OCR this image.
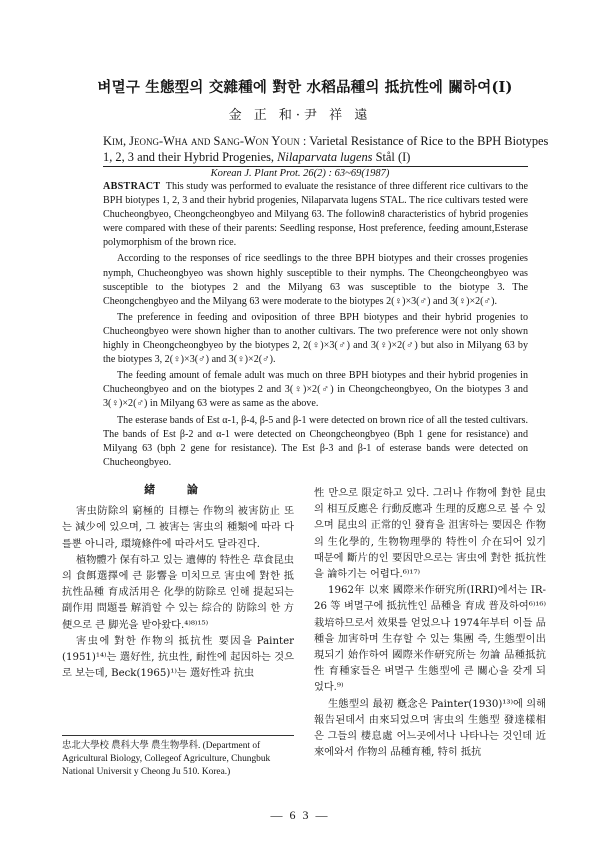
벼멸구 生態型의 交雜種에 對한 水稻品種의 抵抗性에 關하여(I)
金 正 和·尹 祥 遠
Kim, Jeong-Wha and Sang-Won Youn : Varietal Resistance of Rice to the BPH Biotypes 1, 2, 3 and their Hybrid Progenies, Nilaparvata lugens Stål (I)
Korean J. Plant Prot. 26(2) : 63~69(1987)

ABSTRACT This study was performed to evaluate the resistance of three different rice cultivars to the BPH biotypes 1, 2, 3 and their hybrid progenies, Nilaparvata lugens STAL. The rice cultivars tested were Chucheongbyeo, Cheongcheongbyeo and Milyang 63. The followin8 characteristics of hybrid progenies were compared with these of their parents: Seedling response, Host preference, feeding amount,Esterase polymorphism of the brown rice.

According to the responses of rice seedlings to the three BPH biotypes and their crosses progenies nymph, Chucheongbyeo was shown highly susceptible to their nymphs. The Cheongcheongbyeo was susceptible to the biotypes 2 and the Milyang 63 was susceptible to the biotype 3. The Cheongchengbyeo and the Milyang 63 were moderate to the biotypes 2(♀)×3(♂) and 3(♀)×2(♂).

The preference in feeding and oviposition of three BPH biotypes and their hybrid progenies to Chucheongbyeo were shown higher than to another cultivars. The two preference were not only shown highly in Cheongcheongbyeo by the biotypes 2, 2(♀)×3(♂) and 3(♀)×2(♂) but also in Milyang 63 by the biotypes 3, 2(♀)×3(♂) and 3(♀)×2(♂).

The feeding amount of female adult was much on three BPH biotypes and their hybrid progenies in Chucheongbyeo and on the biotypes 2 and 3(♀)×2(♂) in Cheongcheongbyeo, On the biotypes 3 and 3(♀)×2(♂) in Milyang 63 were as same as the above.

The esterase bands of Est α-1, β-4, β-5 and β-1 were detected on brown rice of all the tested cultivars. The bands of Est β-2 and α-1 were detected on Cheongcheongbyeo (Bph 1 gene for resistance) and Milyang 63 (bph 2 gene for resistance). The Est β-3 and β-1 of esterase bands were detected on Chucheongbyeo.

緒 論

害虫防除의 窮極的 目標는 作物의 被害防止 또는 減少에 있으며, 그 被害는 害虫의 種類에 따라 다를뿐 아니라, 環境條件에 따라서도 달라진다.

植物體가 保有하고 있는 遺傳的 特性은 草食昆虫의 食餌選擇에 큰 影響을 미치므로 害虫에 對한 抵抗性品種 育成活用은 化學的防除로 인해 提起되는 副作用 問題를 解消할 수 있는 綜合的 防除의 한 方便으로 큰 脚光을 받아왔다.⁴⁾⁸⁾¹⁵⁾

害虫에 對한 作物의 抵抗性 要因을 Painter (1951)¹⁴⁾는 選好性, 抗虫性, 耐性에 起因하는 것으로 보는데, Beck(1965)¹⁾는 選好性과 抗虫

性 만으로 限定하고 있다. 그러나 作物에 對한 昆虫의 相互反應은 行動反應과 生理的反應으로 볼 수 있으며 昆虫의 正常的인 發育을 沮害하는 要因은 作物의 生化學的, 生物物理學的 特性이 介在되어 있기 때문에 斷片的인 要因만으로는 害虫에 對한 抵抗性을 論하기는 어렵다.⁶⁾¹⁷⁾

1962年 以來 國際米作研究所(IRRI)에서는 IR-26 等 벼멸구에 抵抗性인 品種을 育成 普及하여⁶⁾¹⁶⁾ 栽培하므로서 效果를 얻었으나 1974年부터 이들 品種을 加害하며 生存할 수 있는 集團 즉, 生態型이出現되기 始作하여 國際米作研究所는 勿論 品種抵抗性 育種家들은 벼멸구 生態型에 큰 關心을 갖게 되었다.⁹⁾

生態型의 最初 槪念은 Painter(1930)¹³⁾에 의해 報告된데서 由來되었으며 害虫의 生態型 發達樣相은 그들의 棲息處 어느곳에서나 나타나는 것인데 近來에와서 作物의 品種育種, 特히 抵抗

忠北大學校 農科大學 農生物學科. (Department of Agricultural Biology, Collegeof Agriculture, Chungbuk National Universit y Cheong Ju 510. Korea.)
— 6 3 —
